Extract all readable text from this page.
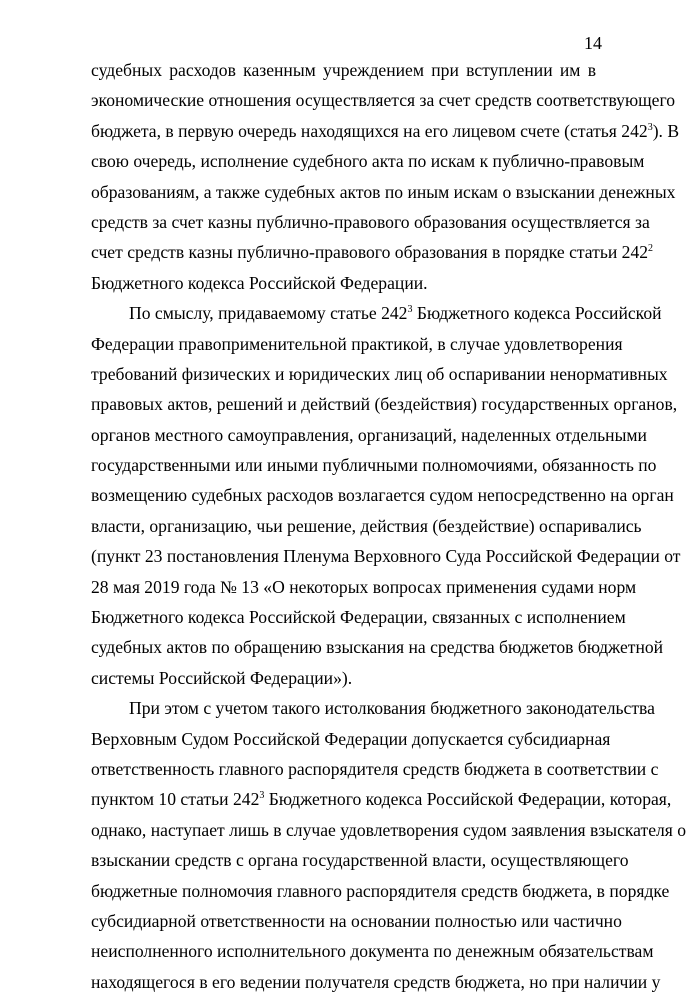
14
судебных расходов казенным учреждением при вступлении им в
экономические отношения осуществляется за счет средств соответствующего
бюджета, в первую очередь находящихся на его лицевом счете (статья $242^3$). В
свою очередь, исполнение судебного акта по искам к публично-правовым
образованиям, а также судебных актов по иным искам о взыскании денежных
средств за счет казны публично-правового образования осуществляется за
счет средств казны публично-правового образования в порядке статьи $242^2$
Бюджетного кодекса Российской Федерации.
По смыслу, придаваемому статье $242^3$ Бюджетного кодекса Российской
Федерации правоприменительной практикой, в случае удовлетворения
требований физических и юридических лиц об оспаривании ненормативных
правовых актов, решений и действий (бездействия) государственных органов,
органов местного самоуправления, организаций, наделенных отдельными
государственными или иными публичными полномочиями, обязанность по
возмещению судебных расходов возлагается судом непосредственно на орган
власти, организацию, чьи решение, действия (бездействие) оспаривались
(пункт 23 постановления Пленума Верховного Суда Российской Федерации от
28 мая 2019 года № 13 «О некоторых вопросах применения судами норм
Бюджетного кодекса Российской Федерации, связанных с исполнением
судебных актов по обращению взыскания на средства бюджетов бюджетной
системы Российской Федерации»).
При этом с учетом такого истолкования бюджетного законодательства
Верховным Судом Российской Федерации допускается субсидиарная
ответственность главного распорядителя средств бюджета в соответствии с
пунктом 10 статьи $242^3$ Бюджетного кодекса Российской Федерации, которая,
однако, наступает лишь в случае удовлетворения судом заявления взыскателя о
взыскании средств с органа государственной власти, осуществляющего
бюджетные полномочия главного распорядителя средств бюджета, в порядке
субсидиарной ответственности на основании полностью или частично
неисполненного исполнительного документа по денежным обязательствам
находящегося в его ведении получателя средств бюджета, но при наличии у
